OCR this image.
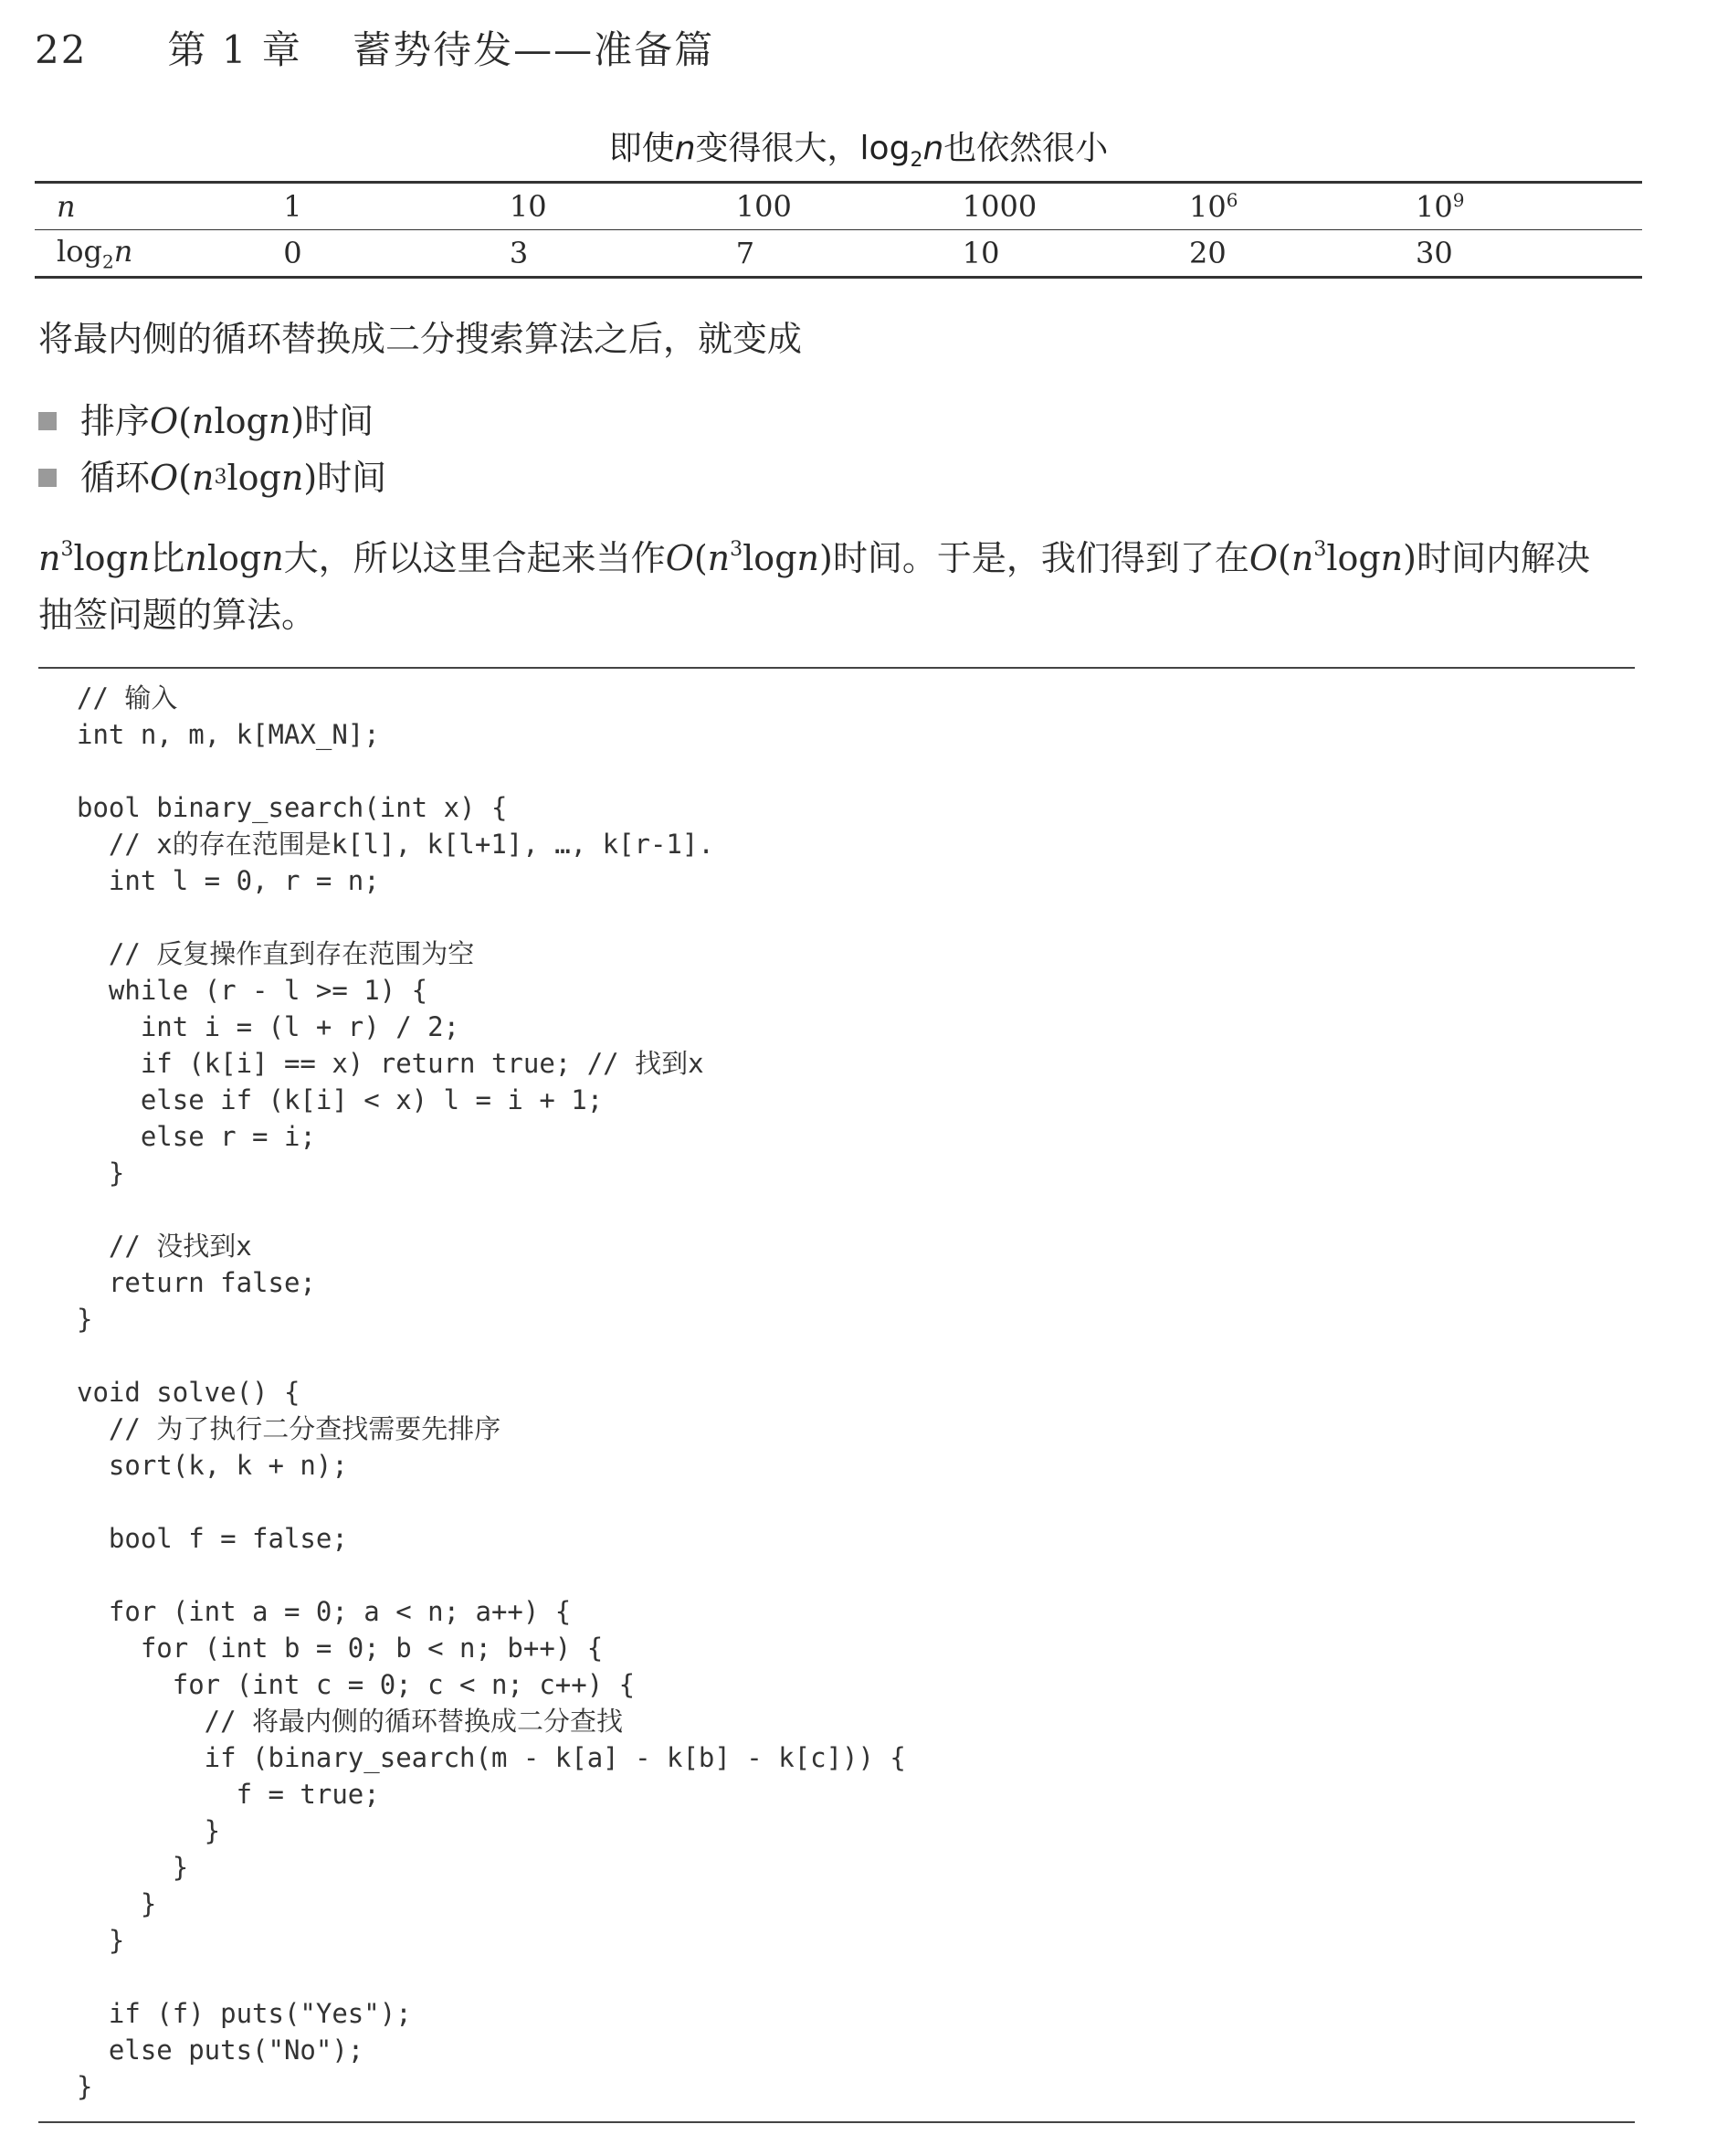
22 第 1 章 蓄势待发——准备篇
即使n变得很大，$\log_2n$也依然很小
n	1	10	100	1000	$10^6$	$10^9$
$\log_2n$	0	3	7	10	20	30
将最内侧的循环替换成二分搜索算法之后，就变成
排序 O ( n log n ) 时间
循环 O ( n 3 log n ) 时间
$n^3\log n$比nlogn大，所以这里合起来当作$O(n^3\log n)$时间。于是，我们得到了在$O(n^3\log n)$时间内解决
抽签问题的算法。
// 输入
int n, m, k[MAX_N];

bool binary_search(int x) {
// x的存在范围是k[l], k[l+1], …, k[r-1].
int l = 0, r = n;

// 反复操作直到存在范围为空
while (r - l >= 1) {
int i = (l + r) / 2;
if (k[i] == x) return true; // 找到x
else if (k[i] < x) l = i + 1;
else r = i;
}

// 没找到x
return false;
}

void solve() {
// 为了执行二分查找需要先排序
sort(k, k + n);

bool f = false;

for (int a = 0; a < n; a++) {
for (int b = 0; b < n; b++) {
for (int c = 0; c < n; c++) {
// 将最内侧的循环替换成二分查找
if (binary_search(m - k[a] - k[b] - k[c])) {
f = true;
}
}
}
}

if (f) puts("Yes");
else puts("No");
}
